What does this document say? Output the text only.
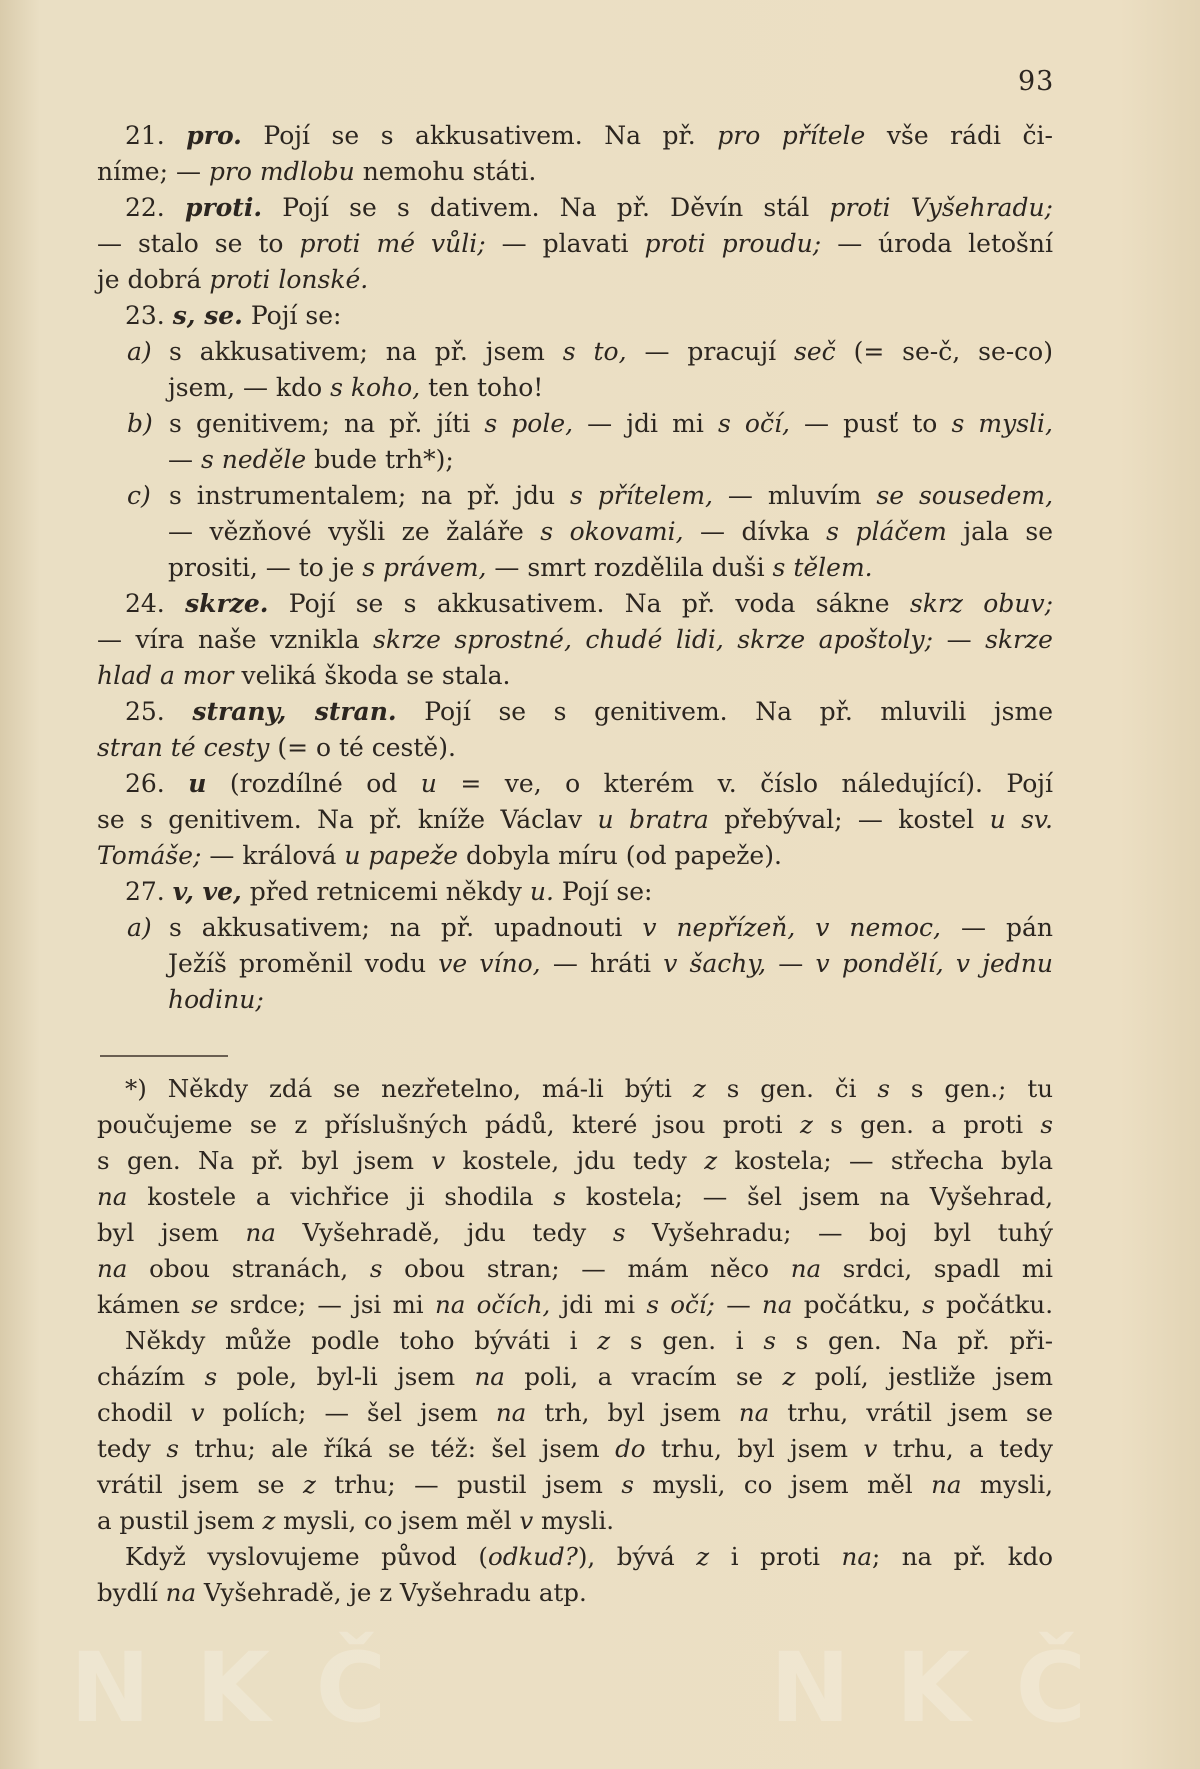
93
21. pro. Pojí se s akkusativem. Na př. pro přítele vše rádi či-
níme; — pro mdlobu nemohu státi.
22. proti. Pojí se s dativem. Na př. Děvín stál proti Vyšehradu;
— stalo se to proti mé vůli; — plavati proti proudu; — úroda letošní
je dobrá proti lonské.
23. s, se. Pojí se:
a) s akkusativem; na př. jsem s to, — pracují seč (= se-č, se-co)
jsem, — kdo s koho, ten toho!
b) s genitivem; na př. jíti s pole, — jdi mi s očí, — pusť to s mysli,
— s neděle bude trh*);
c) s instrumentalem; na př. jdu s přítelem, — mluvím se sousedem,
— vězňové vyšli ze žaláře s okovami, — dívka s pláčem jala se
prositi, — to je s právem, — smrt rozdělila duši s tělem.
24. skrze. Pojí se s akkusativem. Na př. voda sákne skrz obuv;
— víra naše vznikla skrze sprostné, chudé lidi, skrze apoštoly; — skrze
hlad a mor veliká škoda se stala.
25. strany, stran. Pojí se s genitivem. Na př. mluvili jsme
stran té cesty (= o té cestě).
26. u (rozdílné od u = ve, o kterém v. číslo náledující). Pojí
se s genitivem. Na př. kníže Václav u bratra přebýval; — kostel u sv.
Tomáše; — králová u papeže dobyla míru (od papeže).
27. v, ve, před retnicemi někdy u. Pojí se:
a) s akkusativem; na př. upadnouti v nepřízeň, v nemoc, — pán
Ježíš proměnil vodu ve víno, — hráti v šachy, — v pondělí, v jednu
hodinu;
*) Někdy zdá se nezřetelno, má-li býti z s gen. či s s gen.; tu
poučujeme se z příslušných pádů, které jsou proti z s gen. a proti s
s gen. Na př. byl jsem v kostele, jdu tedy z kostela; — střecha byla
na kostele a vichřice ji shodila s kostela; — šel jsem na Vyšehrad,
byl jsem na Vyšehradě, jdu tedy s Vyšehradu; — boj byl tuhý
na obou stranách, s obou stran; — mám něco na srdci, spadl mi
kámen se srdce; — jsi mi na očích, jdi mi s očí; — na počátku, s počátku.
Někdy může podle toho býváti i z s gen. i s s gen. Na př. při-
cházím s pole, byl-li jsem na poli, a vracím se z polí, jestliže jsem
chodil v polích; — šel jsem na trh, byl jsem na trhu, vrátil jsem se
tedy s trhu; ale říká se též: šel jsem do trhu, byl jsem v trhu, a tedy
vrátil jsem se z trhu; — pustil jsem s mysli, co jsem měl na mysli,
a pustil jsem z mysli, co jsem měl v mysli.
Když vyslovujeme původ (odkud?), bývá z i proti na; na př. kdo
bydlí na Vyšehradě, je z Vyšehradu atp.
N K Č	N K Č
